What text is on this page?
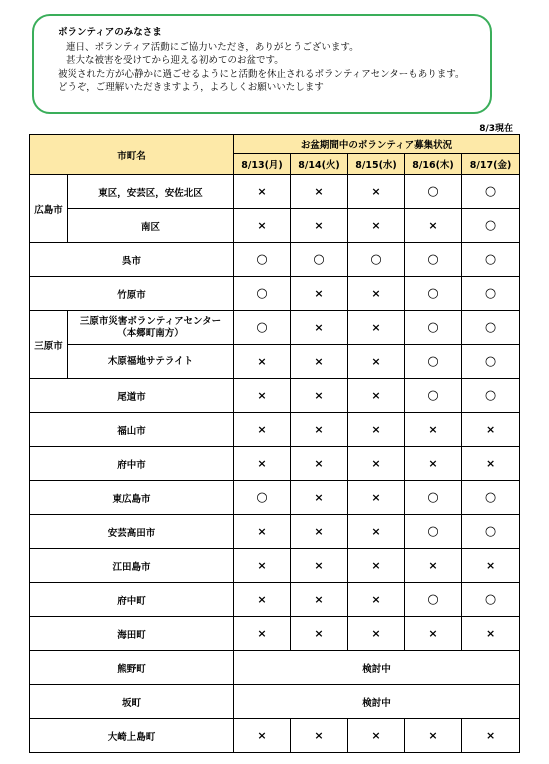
ボランティアのみなさま
連日、ボランティア活動にご協力いただき，ありがとうございます。
甚大な被害を受けてから迎える初めてのお盆です。
被災された方が心静かに過ごせるようにと活動を休止されるボランティアセンターもあります。
どうぞ，ご理解いただきますよう，よろしくお願いいたします
8/3現在
市町名		お盆期間中のボランティア募集状況				
		8/13(月)	8/14(火)	8/15(水)	8/16(木)	8/17(金)
広島市	東区，安芸区，安佐北区	×	×	×	○	○
	南区	×	×	×	×	○
呉市		○	○	○	○	○
竹原市		○	×	×	○	○
三原市	三原市災害ボランティアセンター
（本郷町南方）	○	×	×	○	○
	木原福地サテライト	×	×	×	○	○
尾道市		×	×	×	○	○
福山市		×	×	×	×	×
府中市		×	×	×	×	×
東広島市		○	×	×	○	○
安芸高田市		×	×	×	○	○
江田島市		×	×	×	×	×
府中町		×	×	×	○	○
海田町		×	×	×	×	×
熊野町		検討中				
坂町		検討中				
大崎上島町		×	×	×	×	×
